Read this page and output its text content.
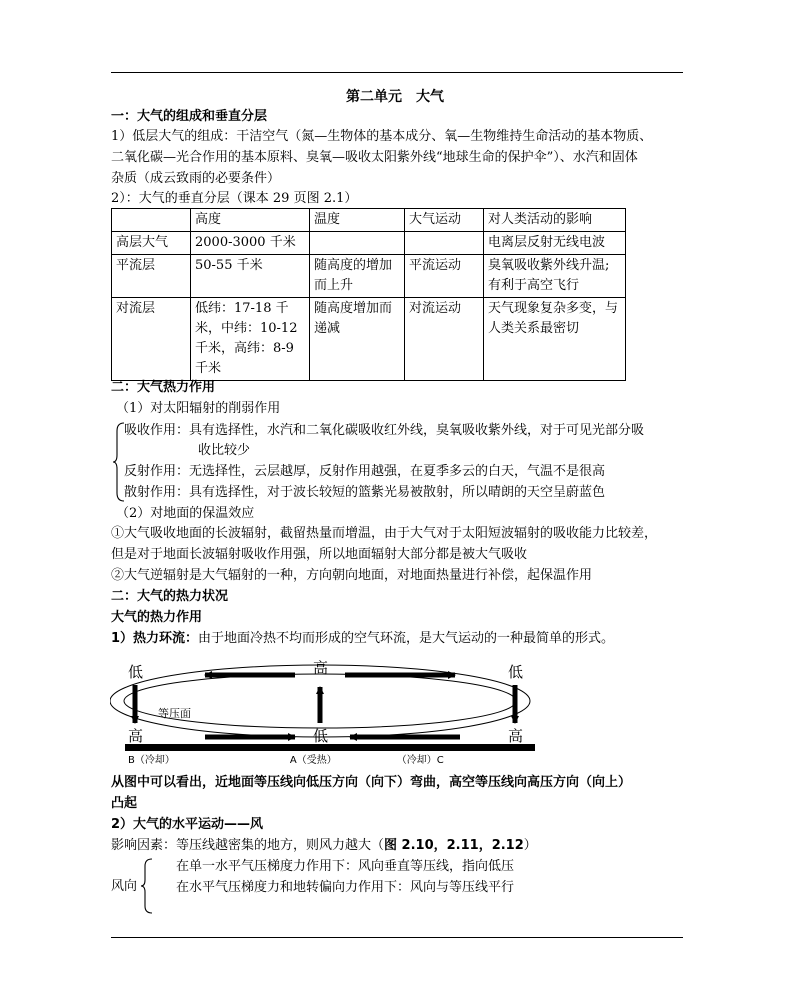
第二单元　大气
一：大气的组成和垂直分层
1）低层大气的组成：干洁空气（氮—生物体的基本成分、氧—生物维持生命活动的基本物质、
二氧化碳—光合作用的基本原料、臭氧—吸收太阳紫外线“地球生命的保护伞”）、水汽和固体
杂质（成云致雨的必要条件）
2）：大气的垂直分层（课本 29 页图 2.1）
	高度	温度	大气运动	对人类活动的影响
高层大气	2000-3000 千米			电离层反射无线电波
平流层	50-55 千米	随高度的增加而上升	平流运动	臭氧吸收紫外线升温;有利于高空飞行
对流层	低纬：17-18 千米，中纬：10-12 千米，高纬：8-9 千米	随高度增加而递减	对流运动	天气现象复杂多变，与人类关系最密切
二：大气热力作用
（1）对太阳辐射的削弱作用
吸收作用：具有选择性，水汽和二氧化碳吸收红外线，臭氧吸收紫外线，对于可见光部分吸
收比较少
反射作用：无选择性，云层越厚，反射作用越强，在夏季多云的白天，气温不是很高
散射作用：具有选择性，对于波长较短的篮紫光易被散射，所以晴朗的天空呈蔚蓝色
（2）对地面的保温效应
①大气吸收地面的长波辐射，截留热量而增温，由于大气对于太阳短波辐射的吸收能力比较差，
但是对于地面长波辐射吸收作用强，所以地面辐射大部分都是被大气吸收
②大气逆辐射是大气辐射的一种，方向朝向地面，对地面热量进行补偿，起保温作用
二：大气的热力状况
大气的热力作用
1）热力环流：由于地面冷热不均而形成的空气环流，是大气运动的一种最简单的形式。
低	高	低
高	低	高
等压面
B（冷却）　　　　　　　　　　　　A（受热）　　　　　　　（冷却）C
从图中可以看出，近地面等压线向低压方向（向下）弯曲，高空等压线向高压方向（向上）
凸起
2）大气的水平运动——风
影响因素：等压线越密集的地方，则风力越大（图 2.10，2.11，2.12）
风向
在单一水平气压梯度力作用下：风向垂直等压线，指向低压
在水平气压梯度力和地转偏向力作用下：风向与等压线平行
